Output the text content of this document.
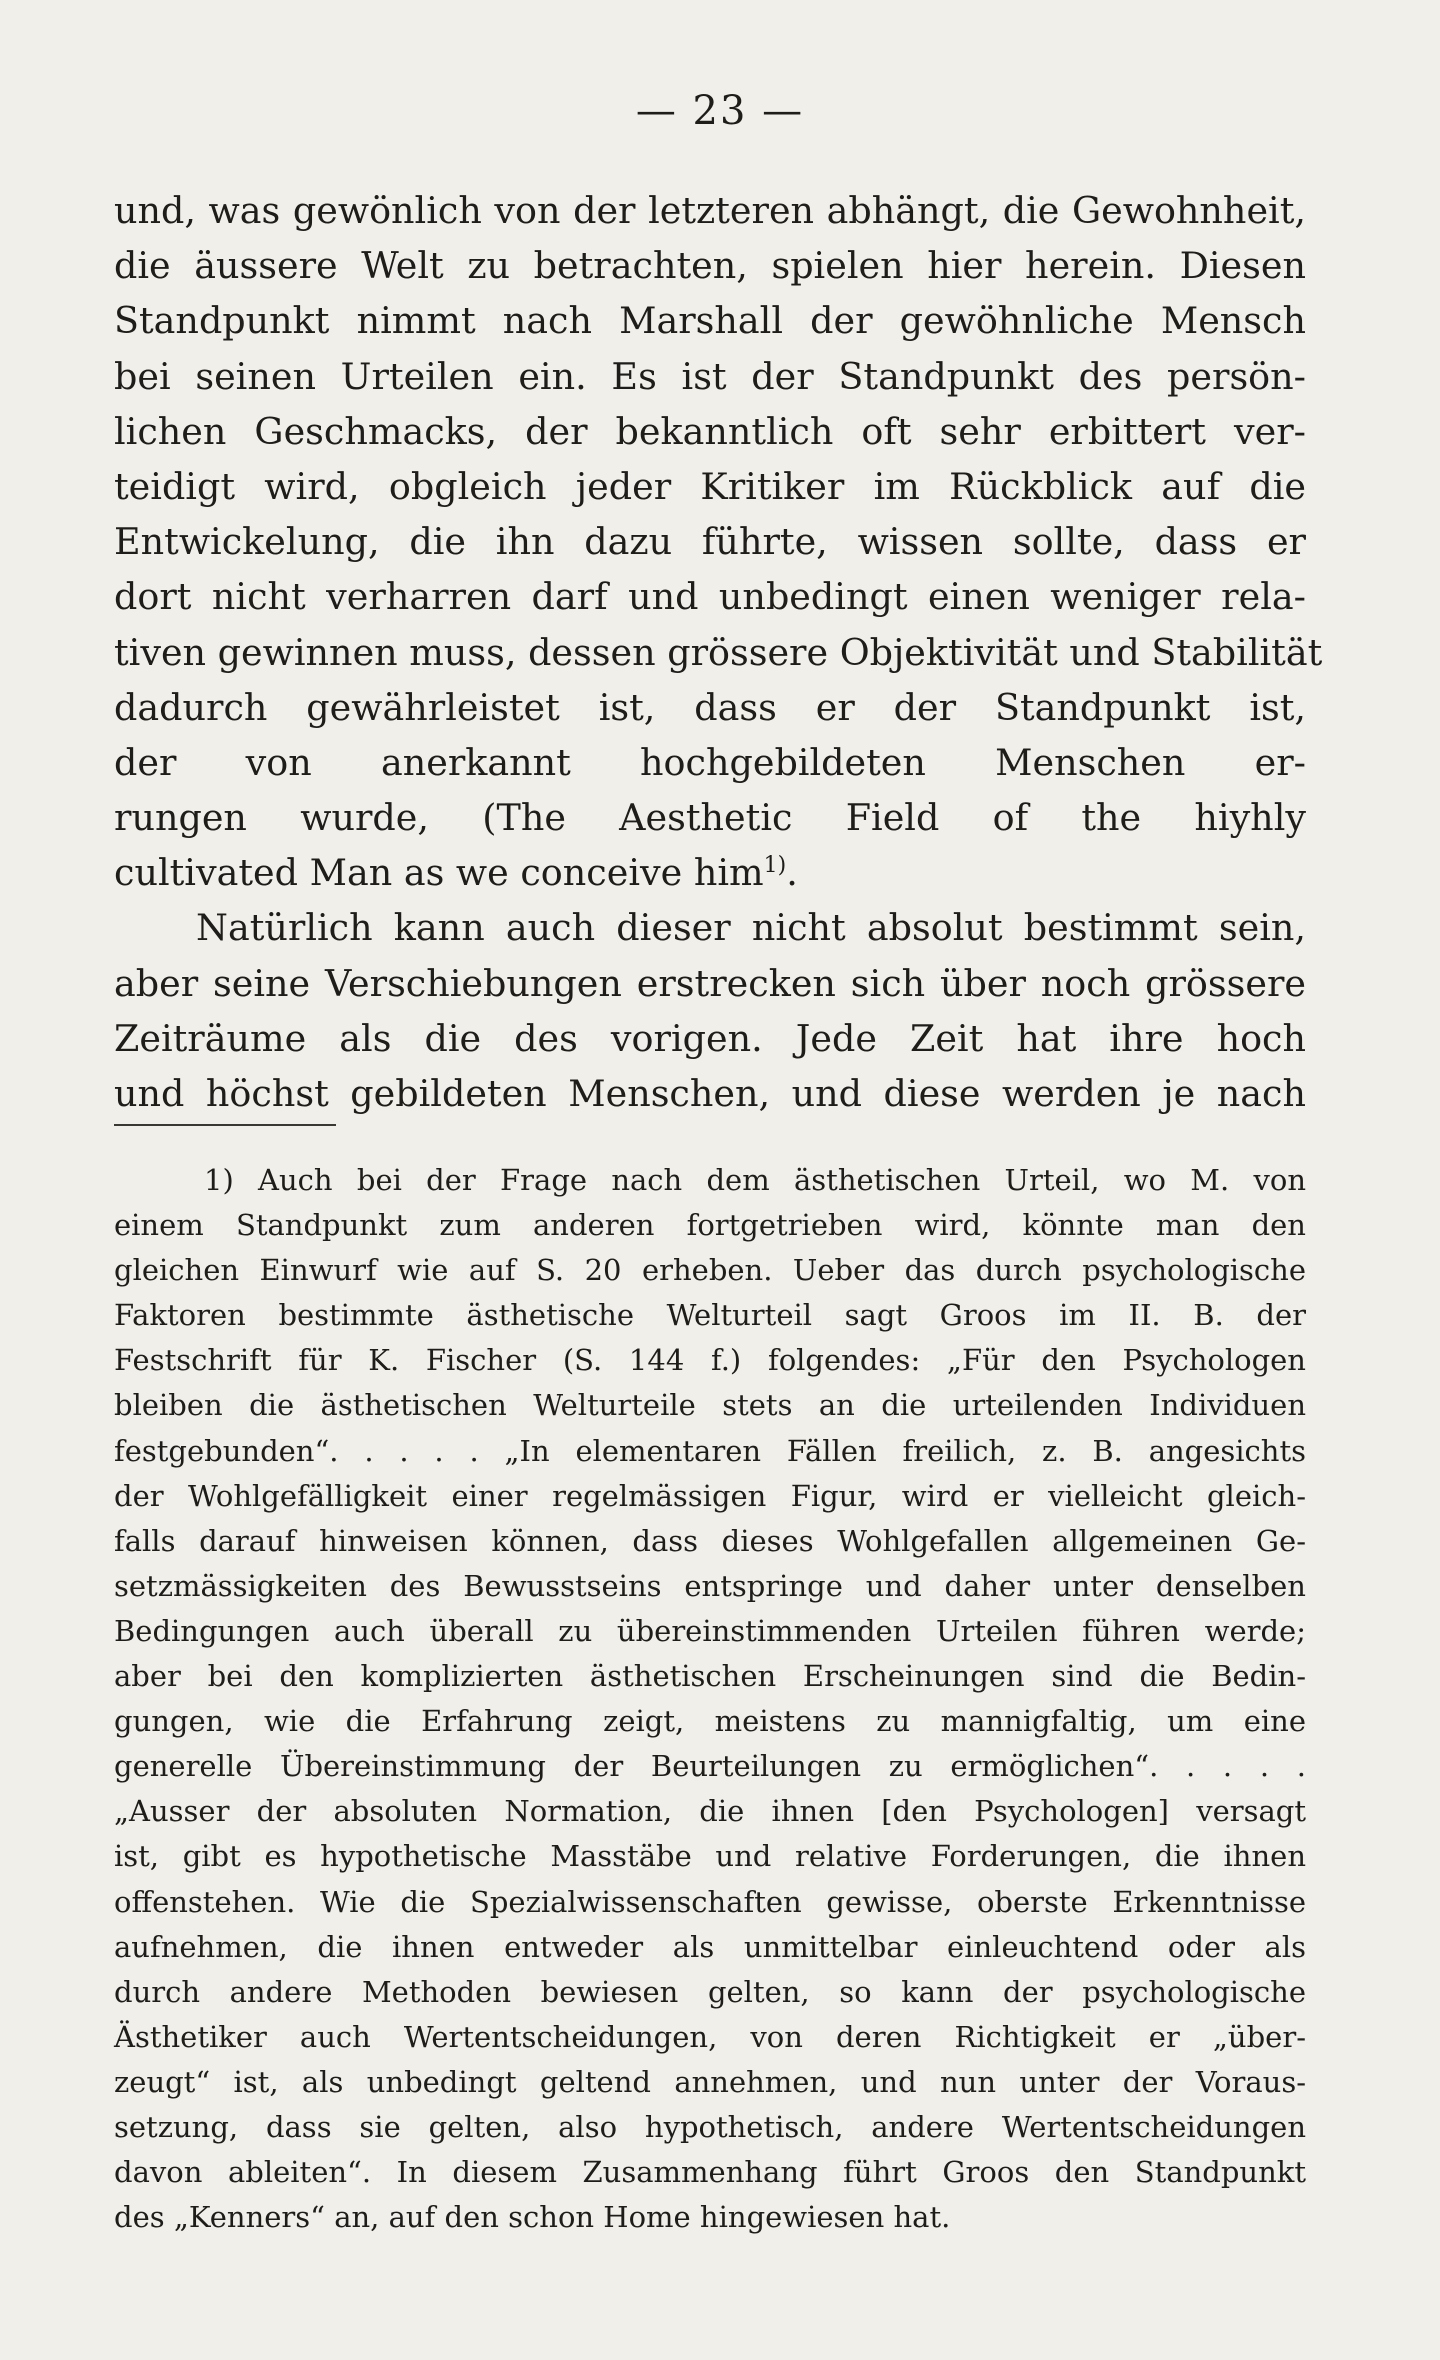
— 23 —
und, was gewönlich von der letzteren abhängt, die Gewohnheit,
die äussere Welt zu betrachten, spielen hier herein. Diesen
Standpunkt nimmt nach Marshall der gewöhnliche Mensch
bei seinen Urteilen ein. Es ist der Standpunkt des persön-
lichen Geschmacks, der bekanntlich oft sehr erbittert ver-
teidigt wird, obgleich jeder Kritiker im Rückblick auf die
Entwickelung, die ihn dazu führte, wissen sollte, dass er
dort nicht verharren darf und unbedingt einen weniger rela-
tiven gewinnen muss, dessen grössere Objektivität und Stabilität
dadurch gewährleistet ist, dass er der Standpunkt ist,
der von anerkannt hochgebildeten Menschen er-
rungen wurde, (The Aesthetic Field of the hiyhly
cultivated Man as we conceive him$^{1)}$.
Natürlich kann auch dieser nicht absolut bestimmt sein,
aber seine Verschiebungen erstrecken sich über noch grössere
Zeiträume als die des vorigen. Jede Zeit hat ihre hoch
und höchst gebildeten Menschen, und diese werden je nach
1) Auch bei der Frage nach dem ästhetischen Urteil, wo M. von
einem Standpunkt zum anderen fortgetrieben wird, könnte man den
gleichen Einwurf wie auf S. 20 erheben. Ueber das durch psychologische
Faktoren bestimmte ästhetische Welturteil sagt Groos im II. B. der
Festschrift für K. Fischer (S. 144 f.) folgendes: „Für den Psychologen
bleiben die ästhetischen Welturteile stets an die urteilenden Individuen
festgebunden“. . . . . „In elementaren Fällen freilich, z. B. angesichts
der Wohlgefälligkeit einer regelmässigen Figur, wird er vielleicht gleich-
falls darauf hinweisen können, dass dieses Wohlgefallen allgemeinen Ge-
setzmässigkeiten des Bewusstseins entspringe und daher unter denselben
Bedingungen auch überall zu übereinstimmenden Urteilen führen werde;
aber bei den komplizierten ästhetischen Erscheinungen sind die Bedin-
gungen, wie die Erfahrung zeigt, meistens zu mannigfaltig, um eine
generelle Übereinstimmung der Beurteilungen zu ermöglichen“. . . . .
„Ausser der absoluten Normation, die ihnen [den Psychologen] versagt
ist, gibt es hypothetische Masstäbe und relative Forderungen, die ihnen
offenstehen. Wie die Spezialwissenschaften gewisse, oberste Erkenntnisse
aufnehmen, die ihnen entweder als unmittelbar einleuchtend oder als
durch andere Methoden bewiesen gelten, so kann der psychologische
Ästhetiker auch Wertentscheidungen, von deren Richtigkeit er „über-
zeugt“ ist, als unbedingt geltend annehmen, und nun unter der Voraus-
setzung, dass sie gelten, also hypothetisch, andere Wertentscheidungen
davon ableiten“. In diesem Zusammenhang führt Groos den Standpunkt
des „Kenners“ an, auf den schon Home hingewiesen hat.
